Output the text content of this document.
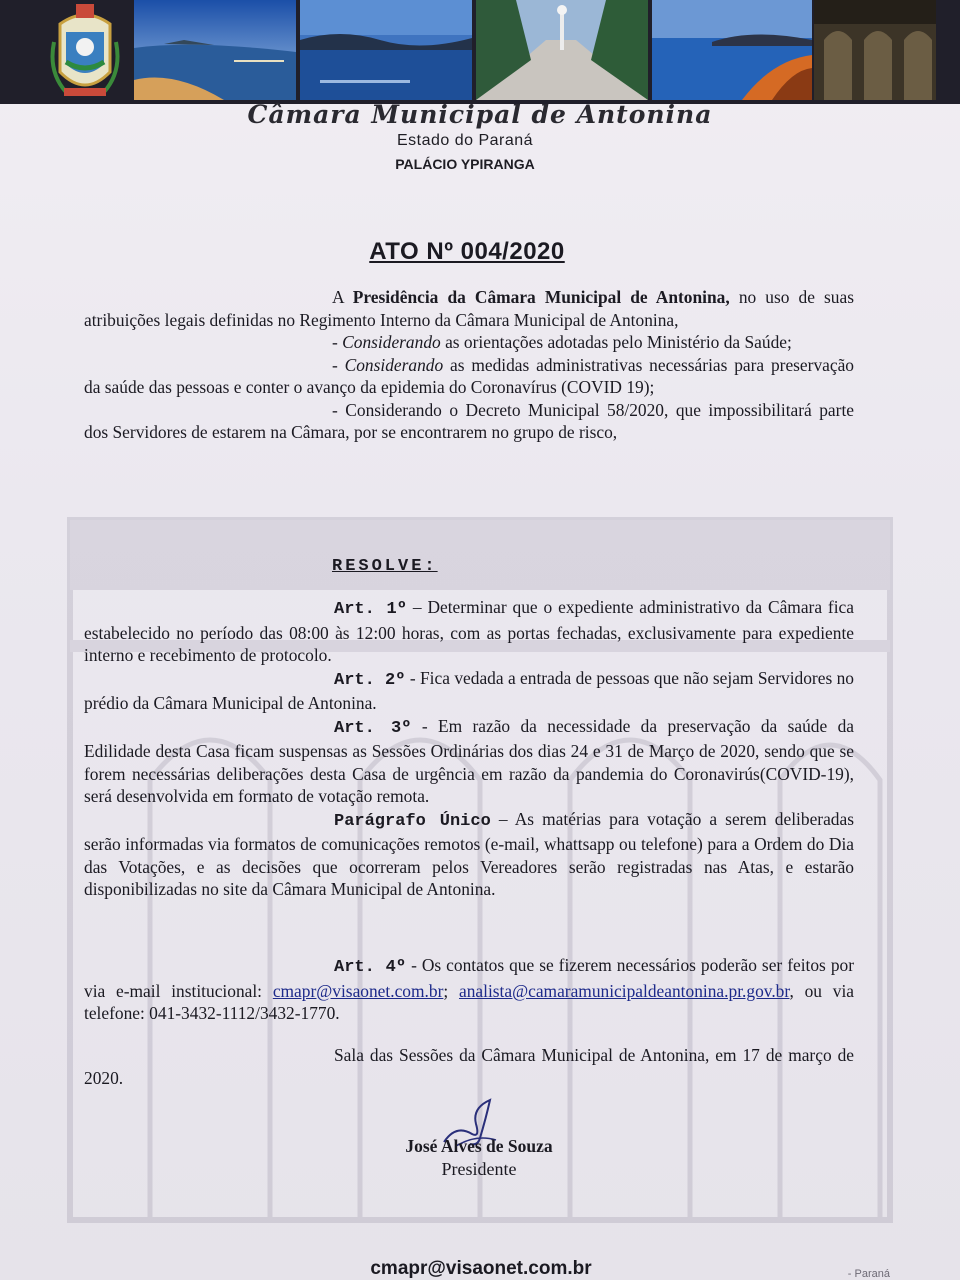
Câmara Municipal de Antonina
Estado do Paraná
PALÁCIO YPIRANGA
ATO Nº 004/2020

A Presidência da Câmara Municipal de Antonina, no uso de suas atribuições legais definidas no Regimento Interno da Câmara Municipal de Antonina,

- Considerando as orientações adotadas pelo Ministério da Saúde;

- Considerando as medidas administrativas necessárias para preservação da saúde das pessoas e conter o avanço da epidemia do Coronavírus (COVID 19);

- Considerando o Decreto Municipal 58/2020, que impossibilitará parte dos Servidores de estarem na Câmara, por se encontrarem no grupo de risco,

RESOLVE:

Art. 1º – Determinar que o expediente administrativo da Câmara fica estabelecido no período das 08:00 às 12:00 horas, com as portas fechadas, exclusivamente para expediente interno e recebimento de protocolo.

Art. 2º - Fica vedada a entrada de pessoas que não sejam Servidores no prédio da Câmara Municipal de Antonina.

Art. 3º - Em razão da necessidade da preservação da saúde da Edilidade desta Casa ficam suspensas as Sessões Ordinárias dos dias 24 e 31 de Março de 2020, sendo que se forem necessárias deliberações desta Casa de urgência em razão da pandemia do Coronavirús(COVID-19), será desenvolvida em formato de votação remota.

Parágrafo Único – As matérias para votação a serem deliberadas serão informadas via formatos de comunicações remotos (e-mail, whattsapp ou telefone) para a Ordem do Dia das Votações, e as decisões que ocorreram pelos Vereadores serão registradas nas Atas, e estarão disponibilizadas no site da Câmara Municipal de Antonina.

Art. 4º - Os contatos que se fizerem necessários poderão ser feitos por via e-mail institucional: cmapr@visaonet.com.br; analista@camaramunicipaldeantonina.pr.gov.br, ou via telefone: 041-3432-1112/3432-1770.

Sala das Sessões da Câmara Municipal de Antonina, em 17 de março de 2020.

José Alves de Souza
Presidente
cmapr@visaonet.com.br	- Paraná
